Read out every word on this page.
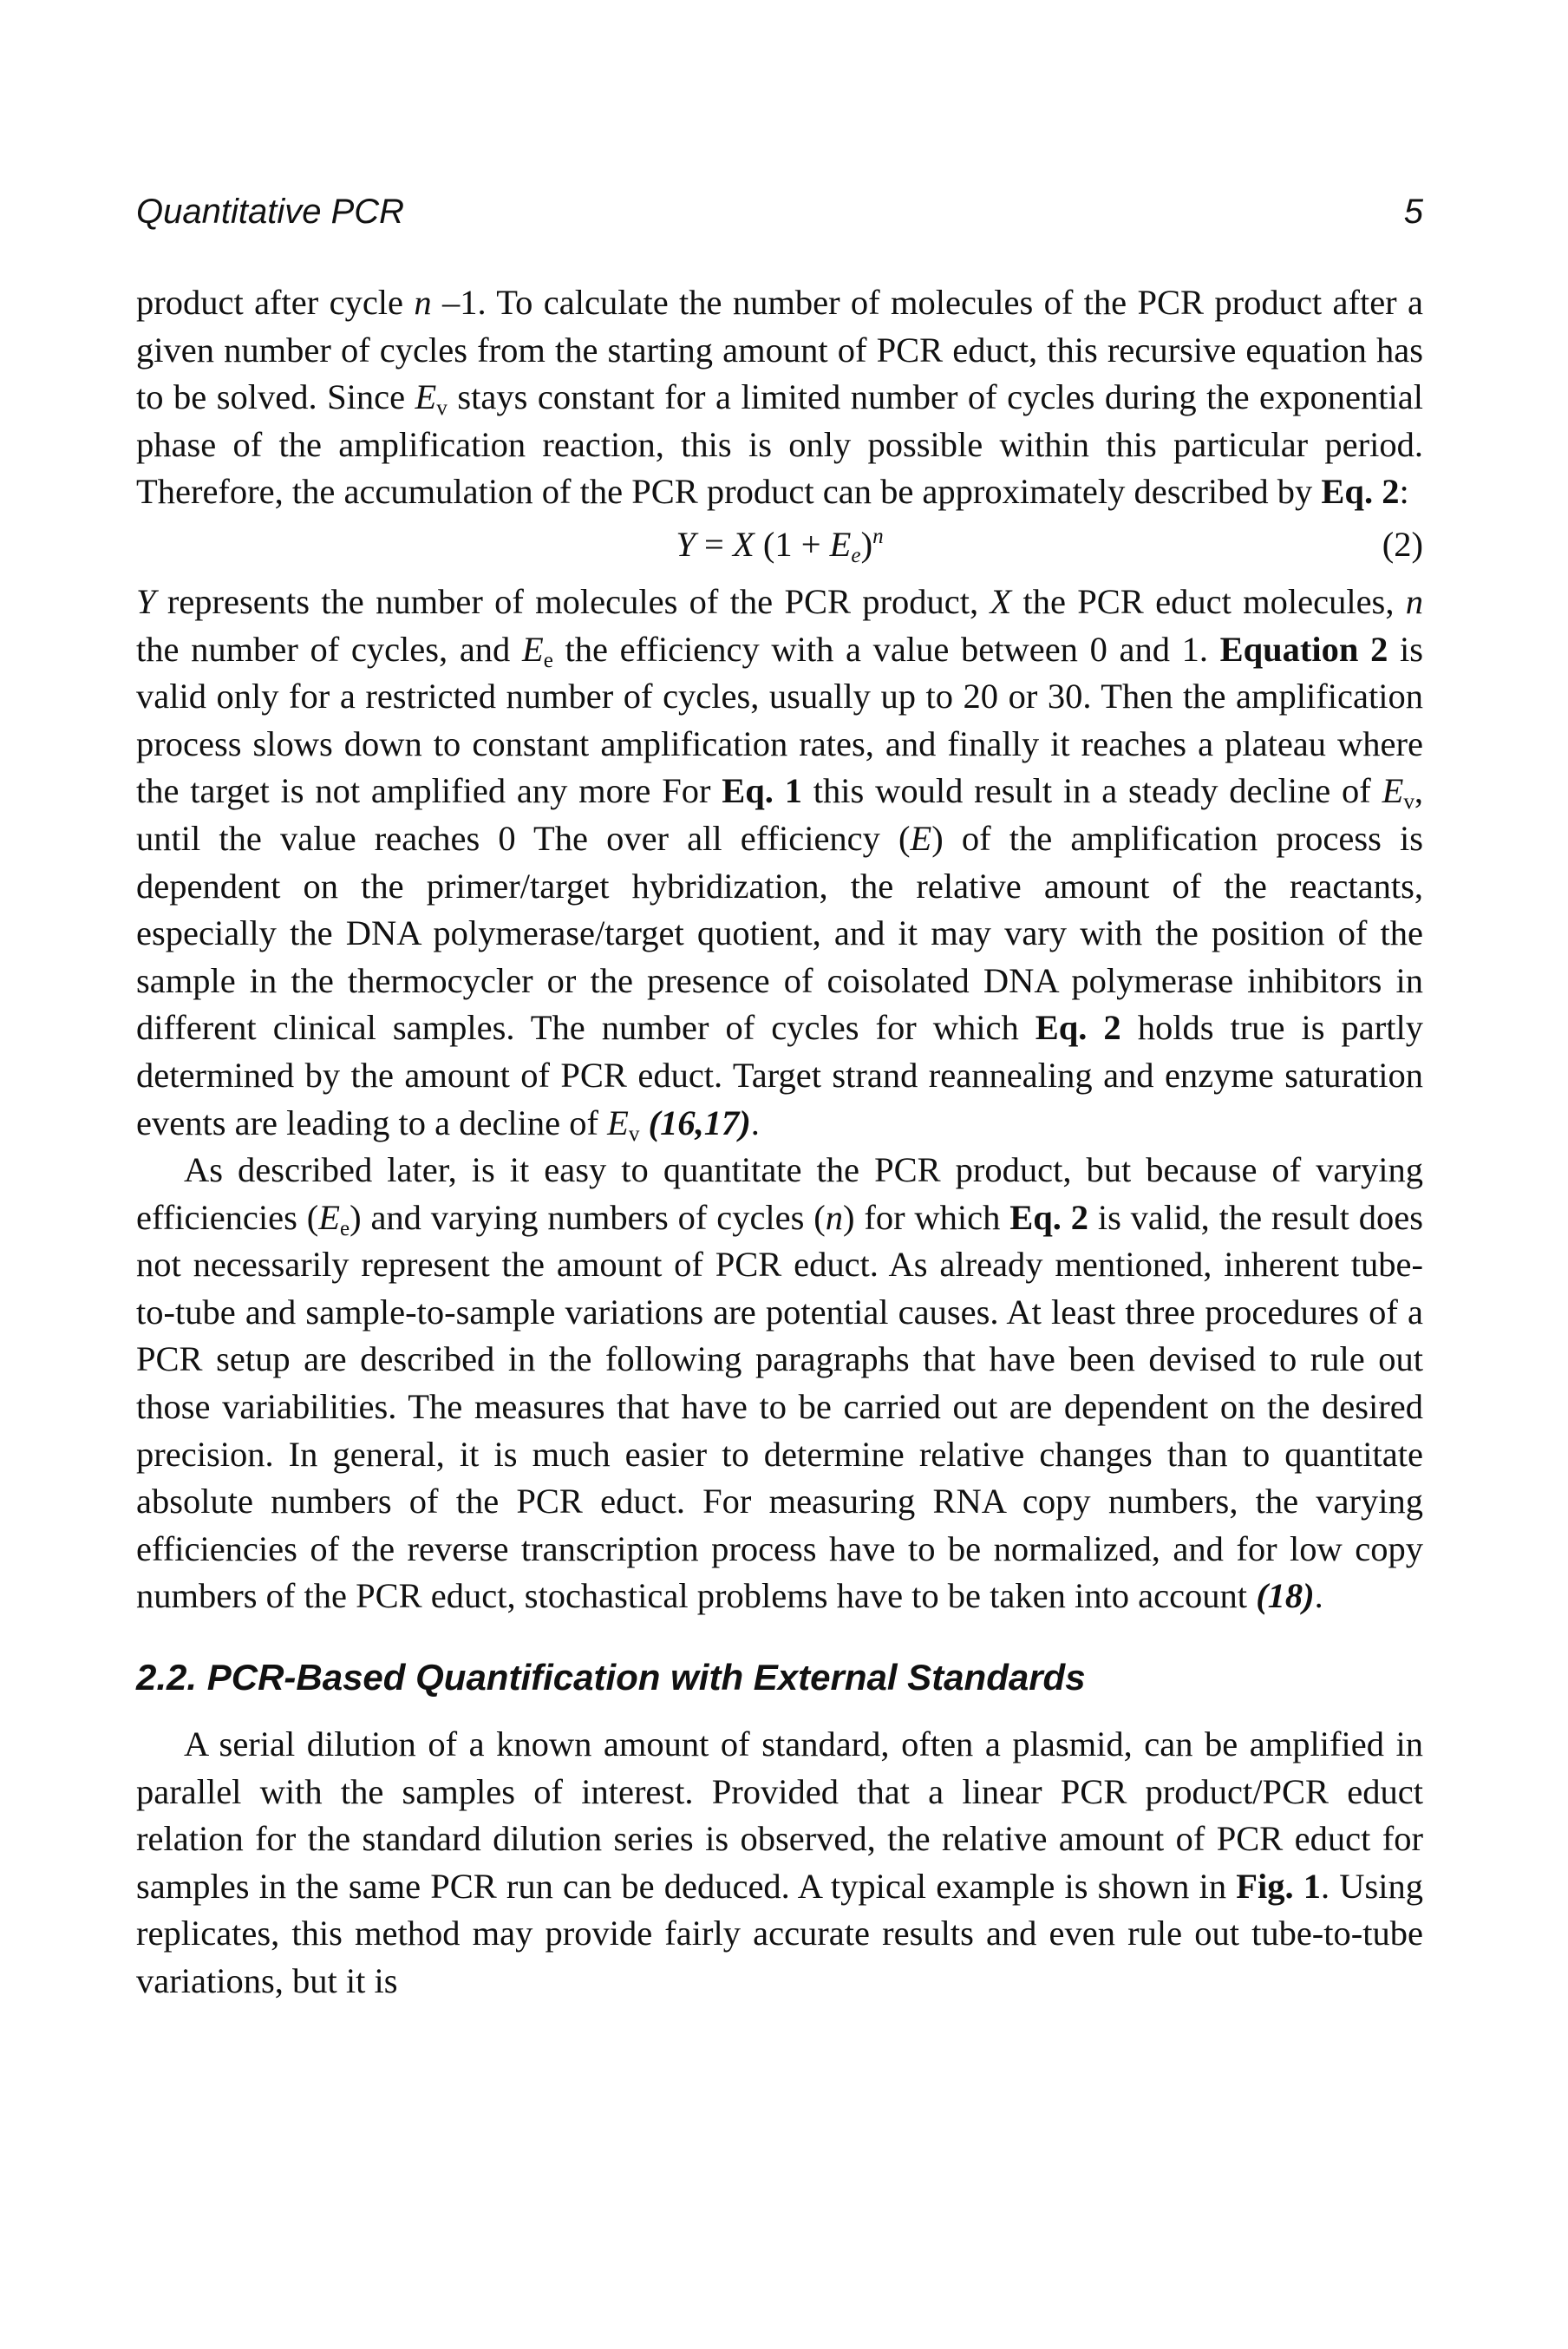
Quantitative PCR	5

product after cycle n –1. To calculate the number of molecules of the PCR product after a given number of cycles from the starting amount of PCR educt, this recursive equation has to be solved. Since $E_v$ stays constant for a limited number of cycles during the exponential phase of the amplification reaction, this is only possible within this particular period. Therefore, the accumulation of the PCR product can be approximately described by Eq. 2:

Y = X $(1 + E_e)^n$	(2)

Y represents the number of molecules of the PCR product, X the PCR educt molecules, n the number of cycles, and $E_e$ the efficiency with a value between 0 and 1. Equation 2 is valid only for a restricted number of cycles, usually up to 20 or 30. Then the amplification process slows down to constant amplification rates, and finally it reaches a plateau where the target is not amplified any more For Eq. 1 this would result in a steady decline of $E_v$, until the value reaches 0 The over all efficiency (E) of the amplification process is dependent on the primer/target hybridization, the relative amount of the reactants, especially the DNA polymerase/target quotient, and it may vary with the position of the sample in the thermocycler or the presence of coisolated DNA polymerase inhibitors in different clinical samples. The number of cycles for which Eq. 2 holds true is partly determined by the amount of PCR educt. Target strand reannealing and enzyme saturation events are leading to a decline of $E_v$ (16,17).

As described later, is it easy to quantitate the PCR product, but because of varying efficiencies $(E_e)$ and varying numbers of cycles (n) for which Eq. 2 is valid, the result does not necessarily represent the amount of PCR educt. As already mentioned, inherent tube-to-tube and sample-to-sample variations are potential causes. At least three procedures of a PCR setup are described in the following paragraphs that have been devised to rule out those variabilities. The measures that have to be carried out are dependent on the desired precision. In general, it is much easier to determine relative changes than to quantitate absolute numbers of the PCR educt. For measuring RNA copy numbers, the varying efficiencies of the reverse transcription process have to be normalized, and for low copy numbers of the PCR educt, stochastical problems have to be taken into account (18).

2.2. PCR-Based Quantification with External Standards

A serial dilution of a known amount of standard, often a plasmid, can be amplified in parallel with the samples of interest. Provided that a linear PCR product/PCR educt relation for the standard dilution series is observed, the relative amount of PCR educt for samples in the same PCR run can be deduced. A typical example is shown in Fig. 1. Using replicates, this method may provide fairly accurate results and even rule out tube-to-tube variations, but it is
